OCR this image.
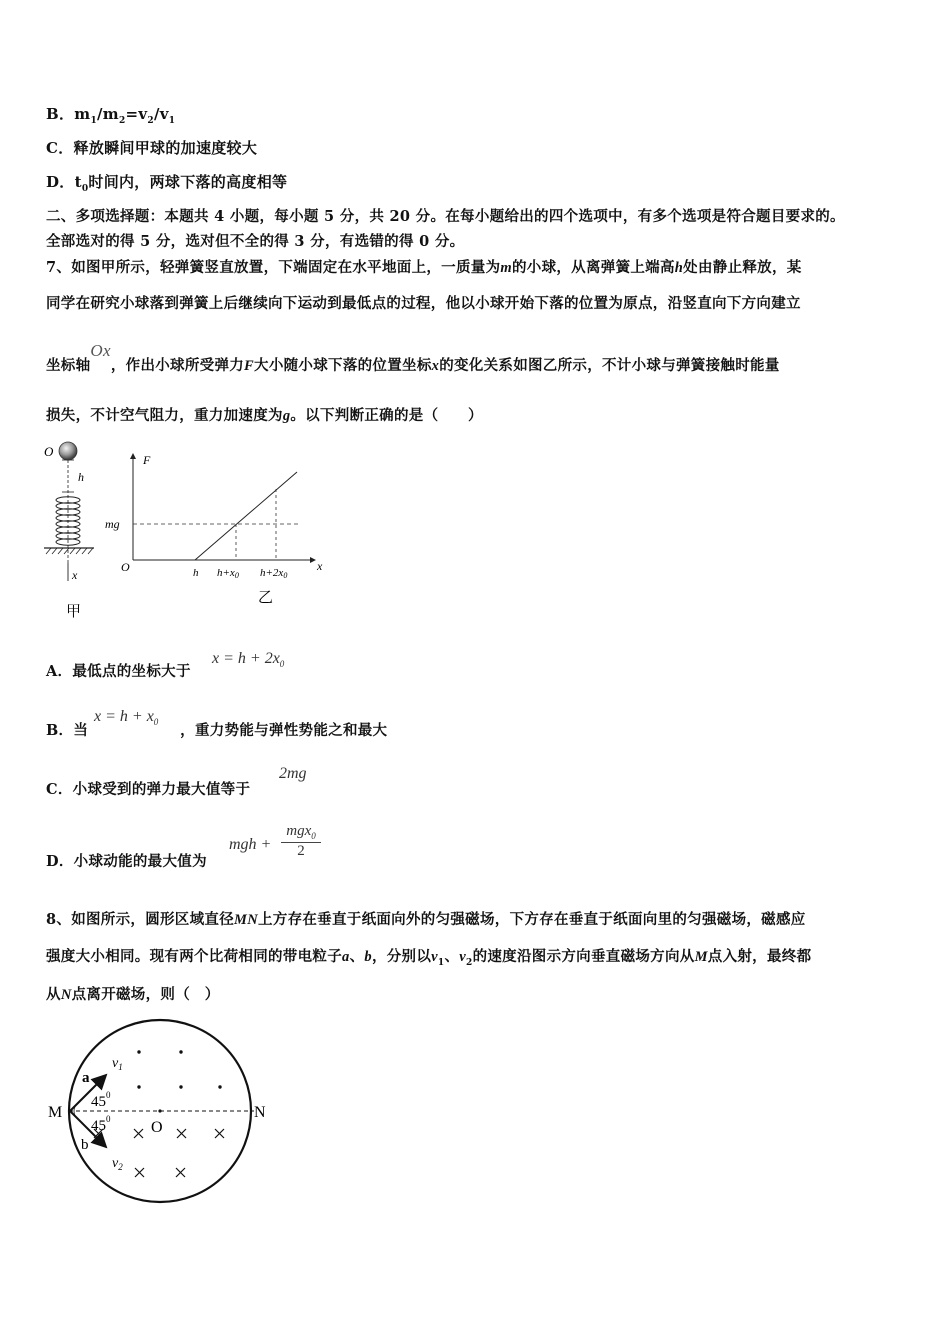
B．$m_1/m_2=v_2/v_1$
C．释放瞬间甲球的加速度较大
D．$t_0$时间内，两球下落的高度相等
二、多项选择题：本题共 4 小题，每小题 5 分，共 20 分。在每小题给出的四个选项中，有多个选项是符合题目要求的。
全部选对的得 5 分，选对但不全的得 3 分，有选错的得 0 分。
7、如图甲所示，轻弹簧竖直放置，下端固定在水平地面上，一质量为m的小球，从离弹簧上端高h处由静止释放，某
同学在研究小球落到弹簧上后继续向下运动到最低点的过程，他以小球开始下落的位置为原点，沿竖直向下方向建立
坐标轴Ox，作出小球所受弹力F大小随小球下落的位置坐标x的变化关系如图乙所示，不计小球与弹簧接触时能量
损失，不计空气阻力，重力加速度为g。以下判断正确的是（　　）
O
h
x
甲
F
x
O
mg
h h+x0 h+2x0
乙
A．最低点的坐标大于
$x = h + 2x_0$
B．当	，重力势能与弹性势能之和最大
$x = h + x_0$
C．小球受到的弹力最大值等于
2mg
D．小球动能的最大值为
mgh +
mgx$_0$
2
8、如图所示，圆形区域直径MN上方存在垂直于纸面向外的匀强磁场，下方存在垂直于纸面向里的匀强磁场，磁感应
强度大小相同。现有两个比荷相同的带电粒子a、b，分别以$v_1$、$v_2$的速度沿图示方向垂直磁场方向从M点入射，最终都
从N点离开磁场，则（　）
M	N
O
a
b
$v_1$
$v_2$
$45^0$
$45^0$
